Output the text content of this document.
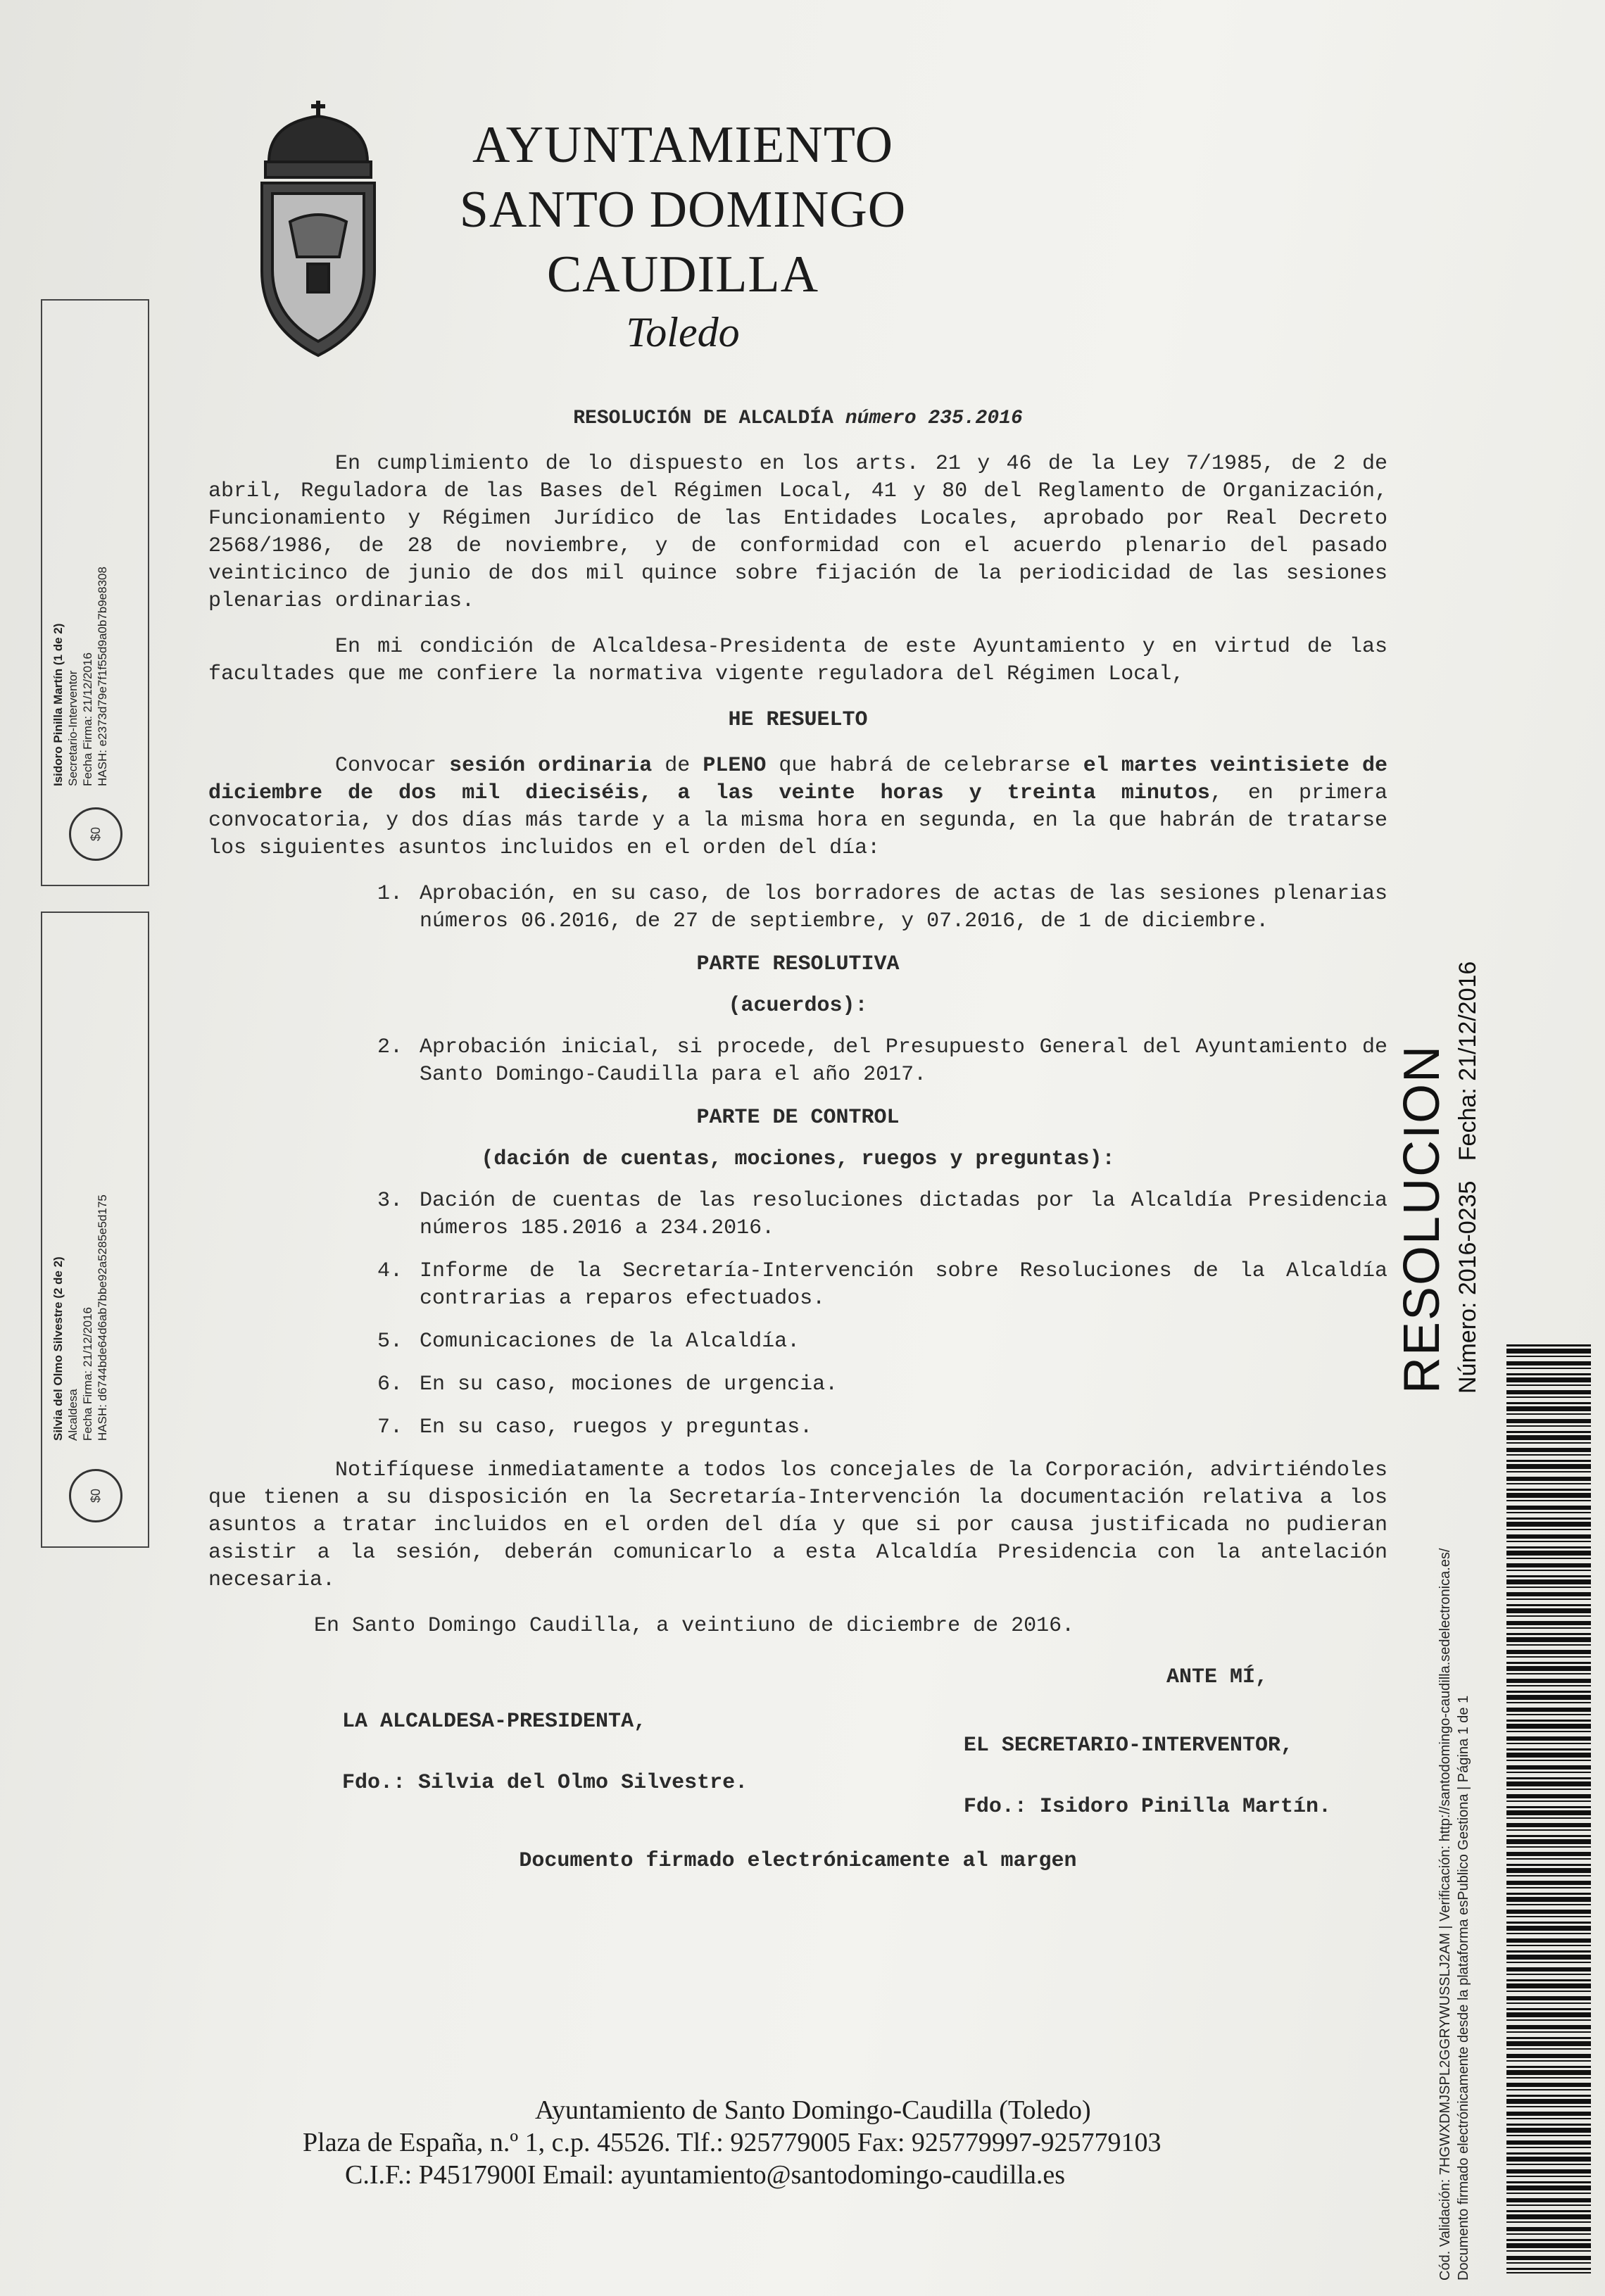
AYUNTAMIENTO
SANTO DOMINGO
CAUDILLA
Toledo
RESOLUCIÓN DE ALCALDÍA número 235.2016
En cumplimiento de lo dispuesto en los arts. 21 y 46 de la Ley 7/1985, de 2 de abril, Reguladora de las Bases del Régimen Local, 41 y 80 del Reglamento de Organización, Funcionamiento y Régimen Jurídico de las Entidades Locales, aprobado por Real Decreto 2568/1986, de 28 de noviembre, y de conformidad con el acuerdo plenario del pasado veinticinco de junio de dos mil quince sobre fijación de la periodicidad de las sesiones plenarias ordinarias.
En mi condición de Alcaldesa-Presidenta de este Ayuntamiento y en virtud de las facultades que me confiere la normativa vigente reguladora del Régimen Local,
HE RESUELTO
Convocar sesión ordinaria de PLENO que habrá de celebrarse el martes veintisiete de diciembre de dos mil dieciséis, a las veinte horas y treinta minutos, en primera convocatoria, y dos días más tarde y a la misma hora en segunda, en la que habrán de tratarse los siguientes asuntos incluidos en el orden del día:
1. Aprobación, en su caso, de los borradores de actas de las sesiones plenarias números 06.2016, de 27 de septiembre, y 07.2016, de 1 de diciembre.
PARTE RESOLUTIVA
(acuerdos):
2. Aprobación inicial, si procede, del Presupuesto General del Ayuntamiento de Santo Domingo-Caudilla para el año 2017.
PARTE DE CONTROL
(dación de cuentas, mociones, ruegos y preguntas):
3. Dación de cuentas de las resoluciones dictadas por la Alcaldía Presidencia números 185.2016 a 234.2016.
4. Informe de la Secretaría-Intervención sobre Resoluciones de la Alcaldía contrarias a reparos efectuados.
5. Comunicaciones de la Alcaldía.
6. En su caso, mociones de urgencia.
7. En su caso, ruegos y preguntas.
Notifíquese inmediatamente a todos los concejales de la Corporación, advirtiéndoles que tienen a su disposición en la Secretaría-Intervención la documentación relativa a los asuntos a tratar incluidos en el orden del día y que si por causa justificada no pudieran asistir a la sesión, deberán comunicarlo a esta Alcaldía Presidencia con la antelación necesaria.
En Santo Domingo Caudilla, a veintiuno de diciembre de 2016.
ANTE MÍ,
LA ALCALDESA-PRESIDENTA,
Fdo.: Silvia del Olmo Silvestre.
EL SECRETARIO-INTERVENTOR,
Fdo.: Isidoro Pinilla Martín.
Documento firmado electrónicamente al margen
Ayuntamiento de Santo Domingo-Caudilla (Toledo)
Plaza de España, n.º 1, c.p. 45526. Tlf.: 925779005 Fax: 925779997-925779103
C.I.F.: P4517900I Email: ayuntamiento@santodomingo-caudilla.es
Isidoro Pinilla Martín (1 de 2) Secretario-Interventor Fecha Firma: 21/12/2016 HASH: e2373d79e7f1f55d9a0b7b9e8308
$0
Silvia del Olmo Silvestre (2 de 2) Alcaldesa Fecha Firma: 21/12/2016 HASH: d6744bde64d6ab7bbe92a5285e5d175
$0
RESOLUCION Número: 2016-0235   Fecha: 21/12/2016
Cód. Validación: 7HGWXDMJSPL2GGRYWUSSLJ2AM | Verificación: http://santodomingo-caudilla.sedelectronica.es/ Documento firmado electrónicamente desde la plataforma esPublico Gestiona | Página 1 de 1
